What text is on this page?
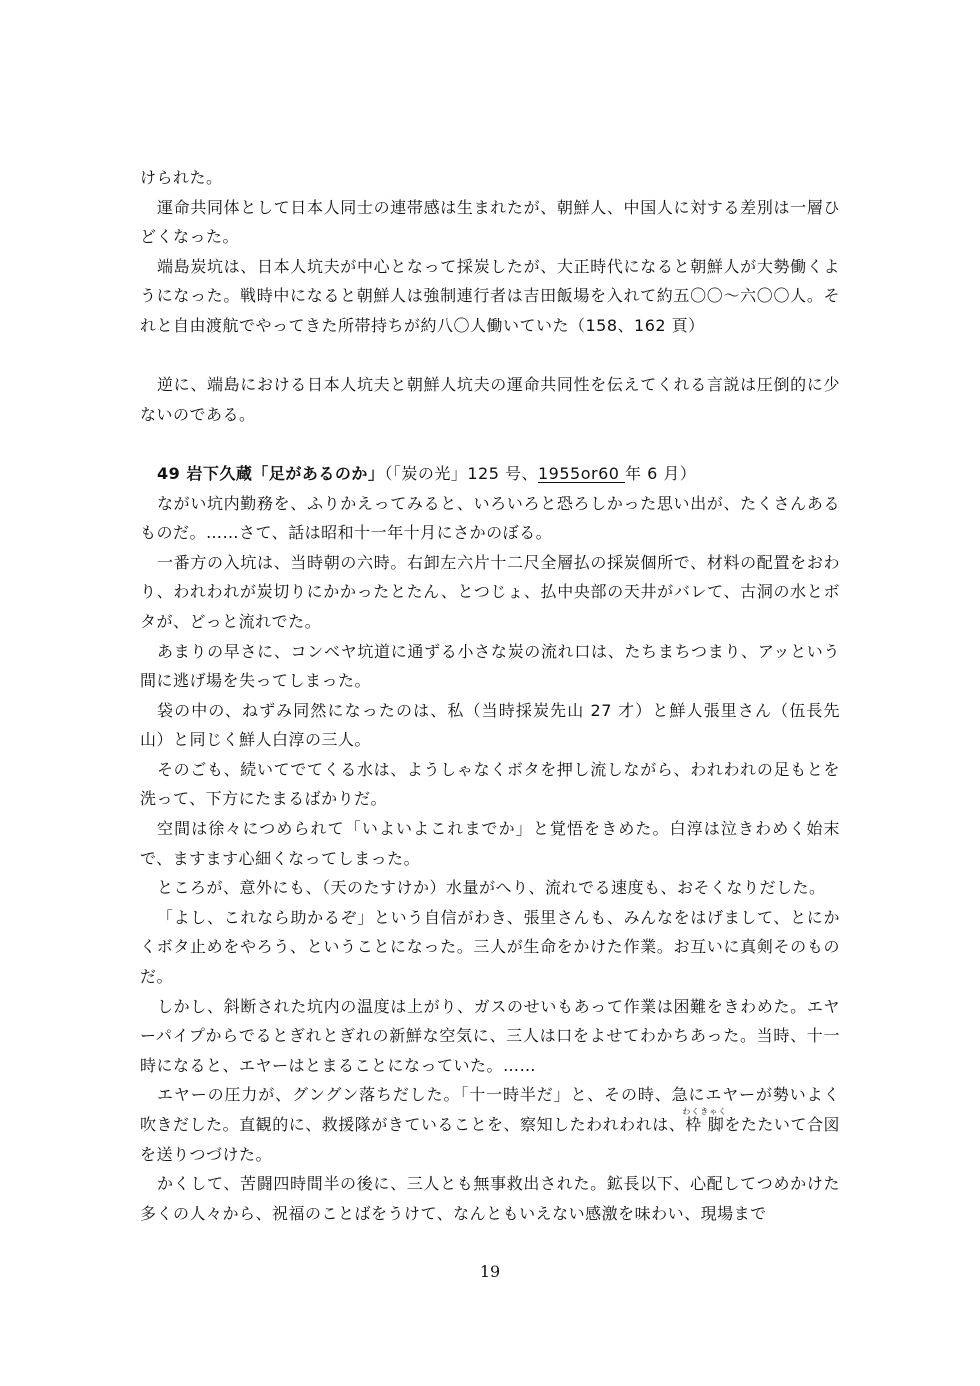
けられた。

運命共同体として日本人同士の連帯感は生まれたが、朝鮮人、中国人に対する差別は一層ひどくなった。

端島炭坑は、日本人坑夫が中心となって採炭したが、大正時代になると朝鮮人が大勢働くようになった。戦時中になると朝鮮人は強制連行者は吉田飯場を入れて約五〇〇～六〇〇人。それと自由渡航でやってきた所帯持ちが約八〇人働いていた（158、162 頁）

逆に、端島における日本人坑夫と朝鮮人坑夫の運命共同性を伝えてくれる言説は圧倒的に少ないのである。

49 岩下久蔵「足があるのか」（「炭の光」125 号、1955or60 年 6 月）

ながい坑内勤務を、ふりかえってみると、いろいろと恐ろしかった思い出が、たくさんあるものだ。……さて、話は昭和十一年十月にさかのぼる。

一番方の入坑は、当時朝の六時。右卸左六片十二尺全層払の採炭個所で、材料の配置をおわり、われわれが炭切りにかかったとたん、とつじょ、払中央部の天井がバレて、古洞の水とボタが、どっと流れでた。

あまりの早さに、コンベヤ坑道に通ずる小さな炭の流れ口は、たちまちつまり、アッという間に逃げ場を失ってしまった。

袋の中の、ねずみ同然になったのは、私（当時採炭先山 27 才）と鮮人張里さん（伍長先山）と同じく鮮人白淳の三人。

そのごも、続いてでてくる水は、ようしゃなくボタを押し流しながら、われわれの足もとを洗って、下方にたまるばかりだ。

空間は徐々につめられて「いよいよこれまでか」と覚悟をきめた。白淳は泣きわめく始末で、ますます心細くなってしまった。

ところが、意外にも、（天のたすけか）水量がへり、流れでる速度も、おそくなりだした。

「よし、これなら助かるぞ」という自信がわき、張里さんも、みんなをはげまして、とにかくボタ止めをやろう、ということになった。三人が生命をかけた作業。お互いに真剣そのものだ。

しかし、斜断された坑内の温度は上がり、ガスのせいもあって作業は困難をきわめた。エヤーパイプからでるとぎれとぎれの新鮮な空気に、三人は口をよせてわかちあった。当時、十一時になると、エヤーはとまることになっていた。……

エヤーの圧力が、グングン落ちだした。「十一時半だ」と、その時、急にエヤーが勢いよく吹きだした。直観的に、救援隊がきていることを、察知したわれわれは、枠脚わくきゃくをたたいて合図を送りつづけた。

かくして、苦闘四時間半の後に、三人とも無事救出された。鉱長以下、心配してつめかけた多くの人々から、祝福のことばをうけて、なんともいえない感激を味わい、現場まで

19
